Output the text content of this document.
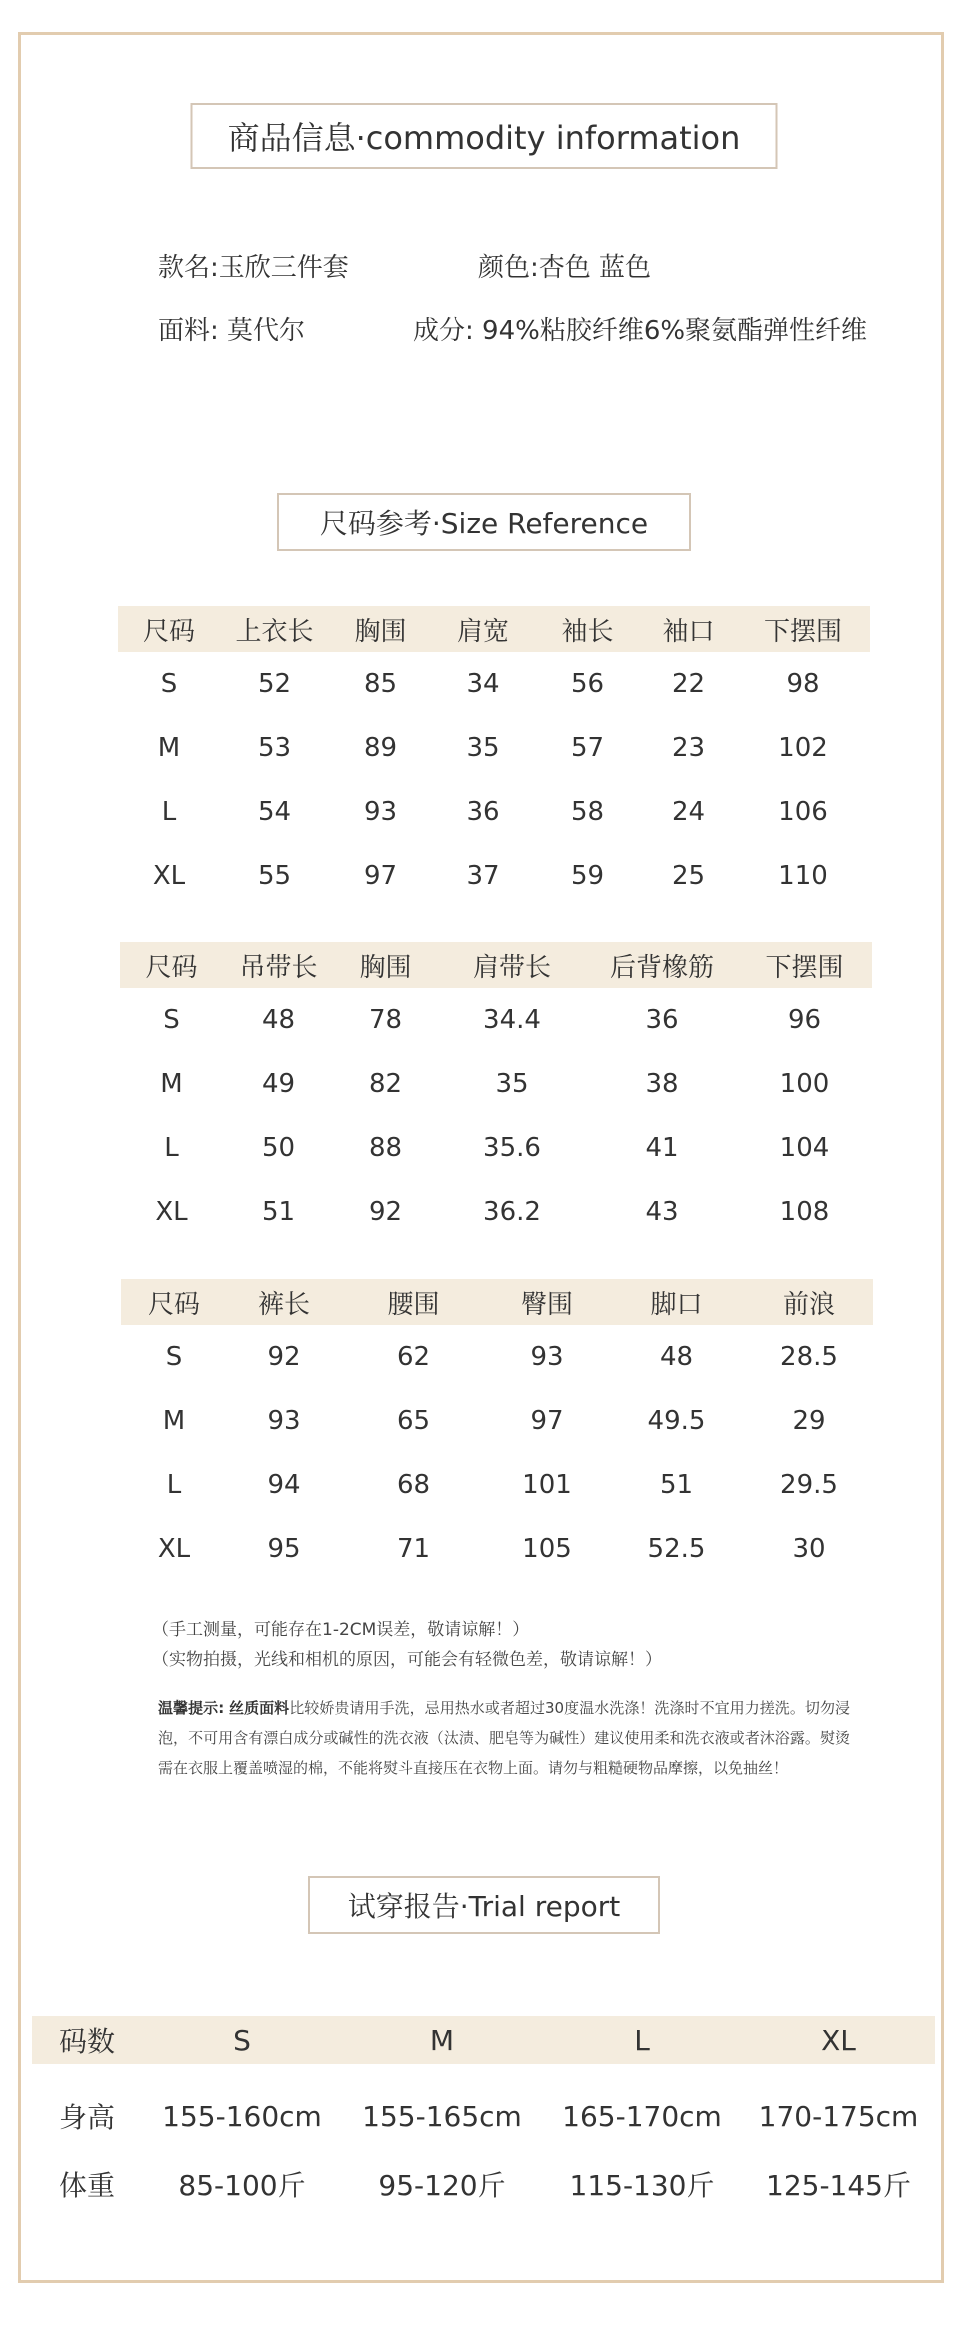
商品信息·commodity information
款名:玉欣三件套	颜色:杏色 蓝色
面料: 莫代尔	成分: 94%粘胶纤维6%聚氨酯弹性纤维
尺码参考·Size Reference
尺码	上衣长	胸围	肩宽	袖长	袖口	下摆围
S	52	85	34	56	22	98
M	53	89	35	57	23	102
L	54	93	36	58	24	106
XL	55	97	37	59	25	110
尺码	吊带长	胸围	肩带长	后背橡筋	下摆围
S	48	78	34.4	36	96
M	49	82	35	38	100
L	50	88	35.6	41	104
XL	51	92	36.2	43	108
尺码	裤长	腰围	臀围	脚口	前浪
S	92	62	93	48	28.5
M	93	65	97	49.5	29
L	94	68	101	51	29.5
XL	95	71	105	52.5	30
（手工测量，可能存在1-2CM误差，敬请谅解！）
（实物拍摄，光线和相机的原因，可能会有轻微色差，敬请谅解！）
温馨提示: 丝质面料比较娇贵请用手洗，忌用热水或者超过30度温水洗涤！洗涤时不宜用力搓洗。切勿浸泡，不可用含有漂白成分或碱性的洗衣液（汰渍、肥皂等为碱性）建议使用柔和洗衣液或者沐浴露。熨烫需在衣服上覆盖喷湿的棉，不能将熨斗直接压在衣物上面。请勿与粗糙硬物品摩擦，以免抽丝！
试穿报告·Trial report
码数	S	M	L	XL

身高	155-160cm	155-165cm	165-170cm	170-175cm
体重	85-100斤	95-120斤	115-130斤	125-145斤
